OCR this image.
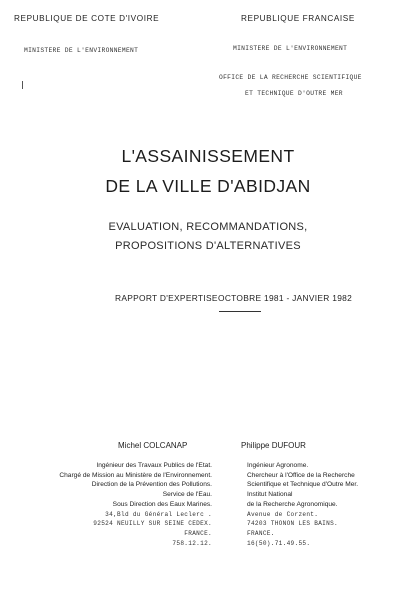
REPUBLIQUE DE COTE D'IVOIRE
MINISTERE DE L'ENVIRONNEMENT
REPUBLIQUE FRANCAISE
MINISTERE DE L'ENVIRONNEMENT
OFFICE DE LA RECHERCHE SCIENTIFIQUE
ET TECHNIQUE D'OUTRE MER
L'ASSAINISSEMENT
DE LA VILLE D'ABIDJAN
EVALUATION, RECOMMANDATIONS,
PROPOSITIONS D'ALTERNATIVES
RAPPORT D'EXPERTISE OCTOBRE 1981 - JANVIER 1982
Michel COLCANAP	Philippe DUFOUR
Ingénieur des Travaux Publics de l'Etat.
Chargé de Mission au Ministère de l'Environnement.
Direction de la Prévention des Pollutions.
Service de l'Eau.
Sous Direction des Eaux Marines.
34,Bld du Général Leclerc .
92524 NEUILLY SUR SEINE CEDEX.
FRANCE.
758.12.12.
Ingénieur Agronome.
Chercheur à l'Office de la Recherche
Scientifique et Technique d'Outre Mer.
Institut National
de la Recherche Agronomique.
Avenue de Corzent.
74203 THONON LES BAINS.
FRANCE.
16(50).71.49.55.
